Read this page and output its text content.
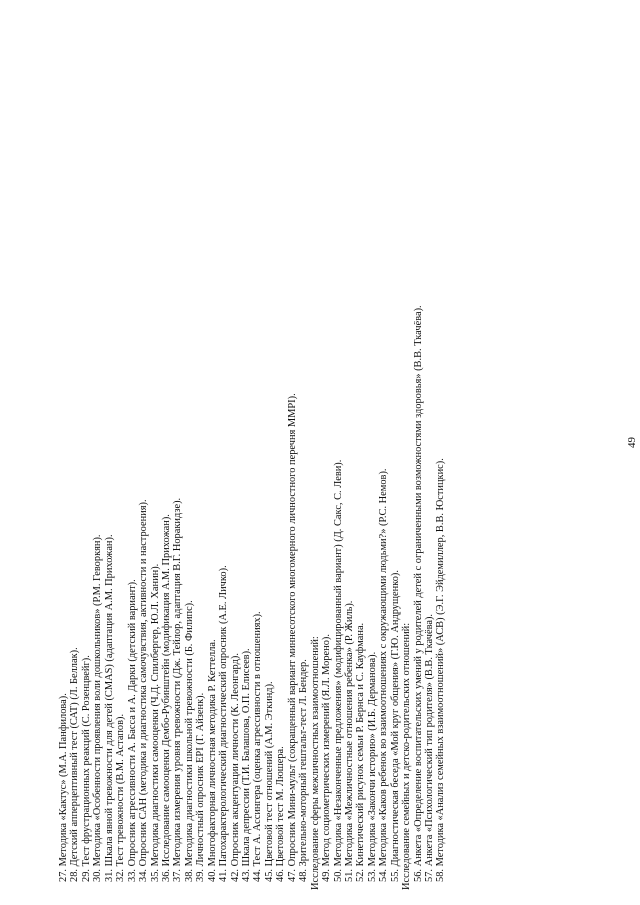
49
27. Методика «Кактус» (М.А. Панфилова). 28. Детский апперцептивный тест (САТ) (Л. Беллак). 29. Тест фрустрационных реакций (С. Розенцвейг). 30. Методика «Особенности проявления воли дошкольников» (Р.М. Геворкян). 31. Шкала явной тревожности для детей (CMAS) (адаптация А.М. Прихожан). 32. Тест тревожности (В.М. Астапов). 33. Опросник агрессивности А. Басса и А. Дарки (детский вариант). 34. Опросник САН (методика и диагностика самочувствия, активности и настроения). 35. Методика диагностики самооценки (Ч.Д. Спилбергер, Ю.Л. Ханин). 36. Исследование самооценки Дембо-Рубинштейн (модификация А.М. Прихожан). 37. Методика измерения уровня тревожности (Дж. Тейлор, адаптация В.Г. Норакидзе). 38. Методика диагностики школьной тревожности (Б. Филипс). 39. Личностный опросник ЕРI (Г. Айзенк). 40. Многофакторная личностная методика Р. Кеттелла. 41. Патохарактерологический диагностический опросник (А.Е. Личко). 42. Опросник акцентуации личности (К. Леонгард). 43. Шкала депрессии (Т.И. Балашова, О.П. Елисеев). 44. Тест А. Ассингера (оценка агрессивности в отношениях). 45. Цветовой тест отношений (А.М. Эткинд). 46. Цветовой тест М. Люшера. 47. Опросник Мини-мульт (сокращенный вариант миннесотского многомерного личностного перечня ММРI). 48. Зрительно-моторный гештальт-тест Л. Бендер. Исследование сферы межличностных взаимоотношений: 49. Метод социометрических измерений (Я.Л. Морено). 50. Методика «Незаконченные предложения» (модифицированный вариант) (Д. Сакс, С. Леви). 51. Методика «Межличностные отношения ребенка» (Р. Жиль). 52. Кинетический рисунок семьи Р. Бернса и С. Кауфмана. 53. Методика «Закончи историю» (И.Б. Дерманова). 54. Методика «Каков ребенок во взаимоотношениях с окружающими людьми?» (Р.С. Немов). 55. Диагностическая беседа «Мой круг общения» (Г.Ю. Андрущенко). Исследование семейных и детско-родительских отношений: 56. Анкета «Определение воспитательских умений у родителей детей с ограниченными возможностями здоровья» (В.В. Ткачёва). 57. Анкета «Психологический тип родителя» (В.В. Ткачёва). 58. Методика «Анализ семейных взаимоотношений» (АСВ) (Э.Г. Эйдемиллер, В.В. Юстицкис).
